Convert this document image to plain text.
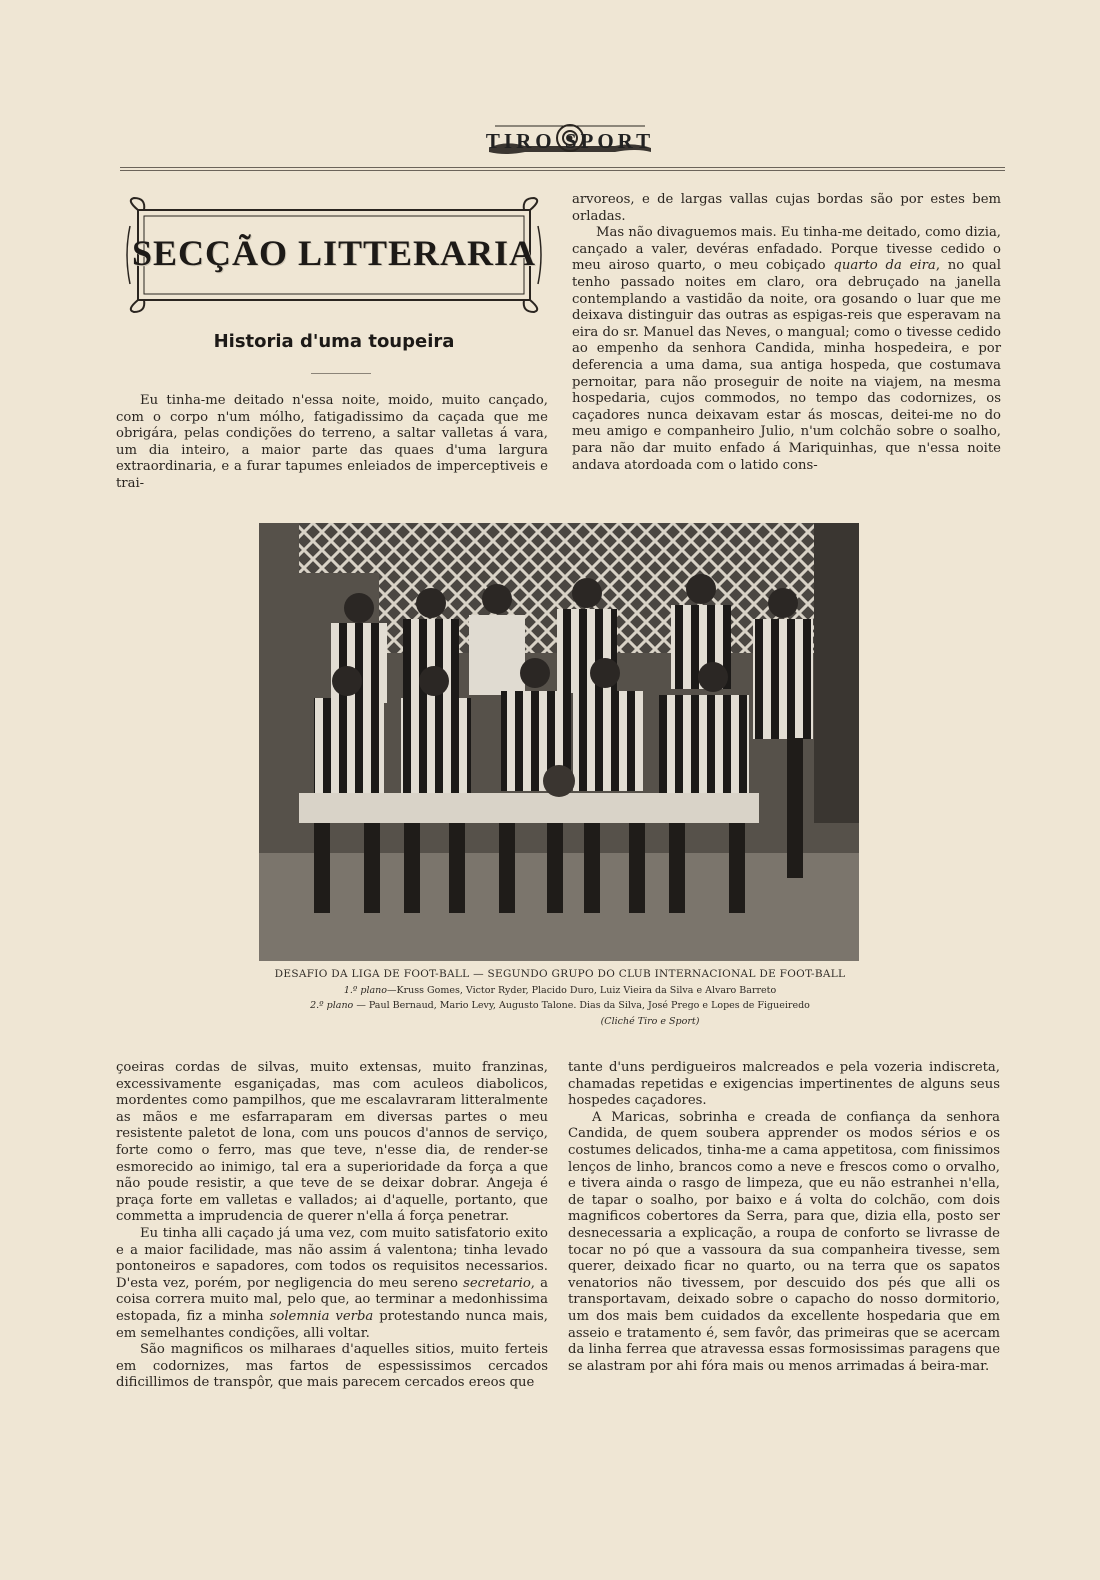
TIRO SPORT
SECÇÃO LITTERARIA
Historia d'uma toupeira

Eu tinha-me deitado n'essa noite, moido, muito cançado, com o corpo n'um mólho, fatigadissimo da caçada que me obrigára, pelas condições do terreno, a saltar valletas á vara, um dia inteiro, a maior parte das quaes d'uma largura extraordinaria, e a furar tapumes enleiados de imperceptiveis e trai-

arvoreos, e de largas vallas cujas bordas são por estes bem orladas.

Mas não divaguemos mais. Eu tinha-me deitado, como dizia, cançado a valer, devéras enfadado. Porque tivesse cedido o meu airoso quarto, o meu cobiçado quarto da eira, no qual tenho passado noites em claro, ora debruçado na janella contemplando a vastidão da noite, ora gosando o luar que me deixava distinguir das outras as espigas-reis que esperavam na eira do sr. Manuel das Neves, o mangual; como o tivesse cedido ao empenho da senhora Candida, minha hospedeira, e por deferencia a uma dama, sua antiga hospeda, que costumava pernoitar, para não proseguir de noite na viajem, na mesma hospedaria, cujos commodos, no tempo das codornizes, os caçadores nunca deixavam estar ás moscas, deitei-me no do meu amigo e companheiro Julio, n'um colchão sobre o soalho, para não dar muito enfado á Mariquinhas, que n'essa noite andava atordoada com o latido cons-

DESAFIO DA LIGA DE FOOT-BALL — SEGUNDO GRUPO DO CLUB INTERNACIONAL DE FOOT-BALL
1.º plano—Kruss Gomes, Victor Ryder, Placido Duro, Luiz Vieira da Silva e Alvaro Barreto
2.º plano — Paul Bernaud, Mario Levy, Augusto Talone. Dias da Silva, José Prego e Lopes de Figueiredo
(Cliché Tiro e Sport)

çoeiras cordas de silvas, muito extensas, muito franzinas, excessivamente esganiçadas, mas com aculeos diabolicos, mordentes como pampilhos, que me escalavraram litteralmente as mãos e me esfarraparam em diversas partes o meu resistente paletot de lona, com uns poucos d'annos de serviço, forte como o ferro, mas que teve, n'esse dia, de render-se esmorecido ao inimigo, tal era a superioridade da força a que não poude resistir, a que teve de se deixar dobrar. Angeja é praça forte em valletas e vallados; ai d'aquelle, portanto, que commetta a imprudencia de querer n'ella á força penetrar.

Eu tinha alli caçado já uma vez, com muito satisfatorio exito e a maior facilidade, mas não assim á valentona; tinha levado pontoneiros e sapadores, com todos os requisitos necessarios. D'esta vez, porém, por negligencia do meu sereno secretario, a coisa correra muito mal, pelo que, ao terminar a medonhissima estopada, fiz a minha solemnia verba protestando nunca mais, em semelhantes condições, alli voltar.

São magnificos os milharaes d'aquelles sitios, muito ferteis em codornizes, mas fartos de espessissimos cercados dificillimos de transpôr, que mais parecem cercados ereos que

tante d'uns perdigueiros malcreados e pela vozeria indiscreta, chamadas repetidas e exigencias impertinentes de alguns seus hospedes caçadores.

A Maricas, sobrinha e creada de confiança da senhora Candida, de quem soubera apprender os modos sérios e os costumes delicados, tinha-me a cama appetitosa, com finissimos lenços de linho, brancos como a neve e frescos como o orvalho, e tivera ainda o rasgo de limpeza, que eu não estranhei n'ella, de tapar o soalho, por baixo e á volta do colchão, com dois magnificos cobertores da Serra, para que, dizia ella, posto ser desnecessaria a explicação, a roupa de conforto se livrasse de tocar no pó que a vassoura da sua companheira tivesse, sem querer, deixado ficar no quarto, ou na terra que os sapatos venatorios não tivessem, por descuido dos pés que alli os transportavam, deixado sobre o capacho do nosso dormitorio, um dos mais bem cuidados da excellente hospedaria que em asseio e tratamento é, sem favôr, das primeiras que se acercam da linha ferrea que atravessa essas formosissimas paragens que se alastram por ahi fóra mais ou menos arrimadas á beira-mar.
